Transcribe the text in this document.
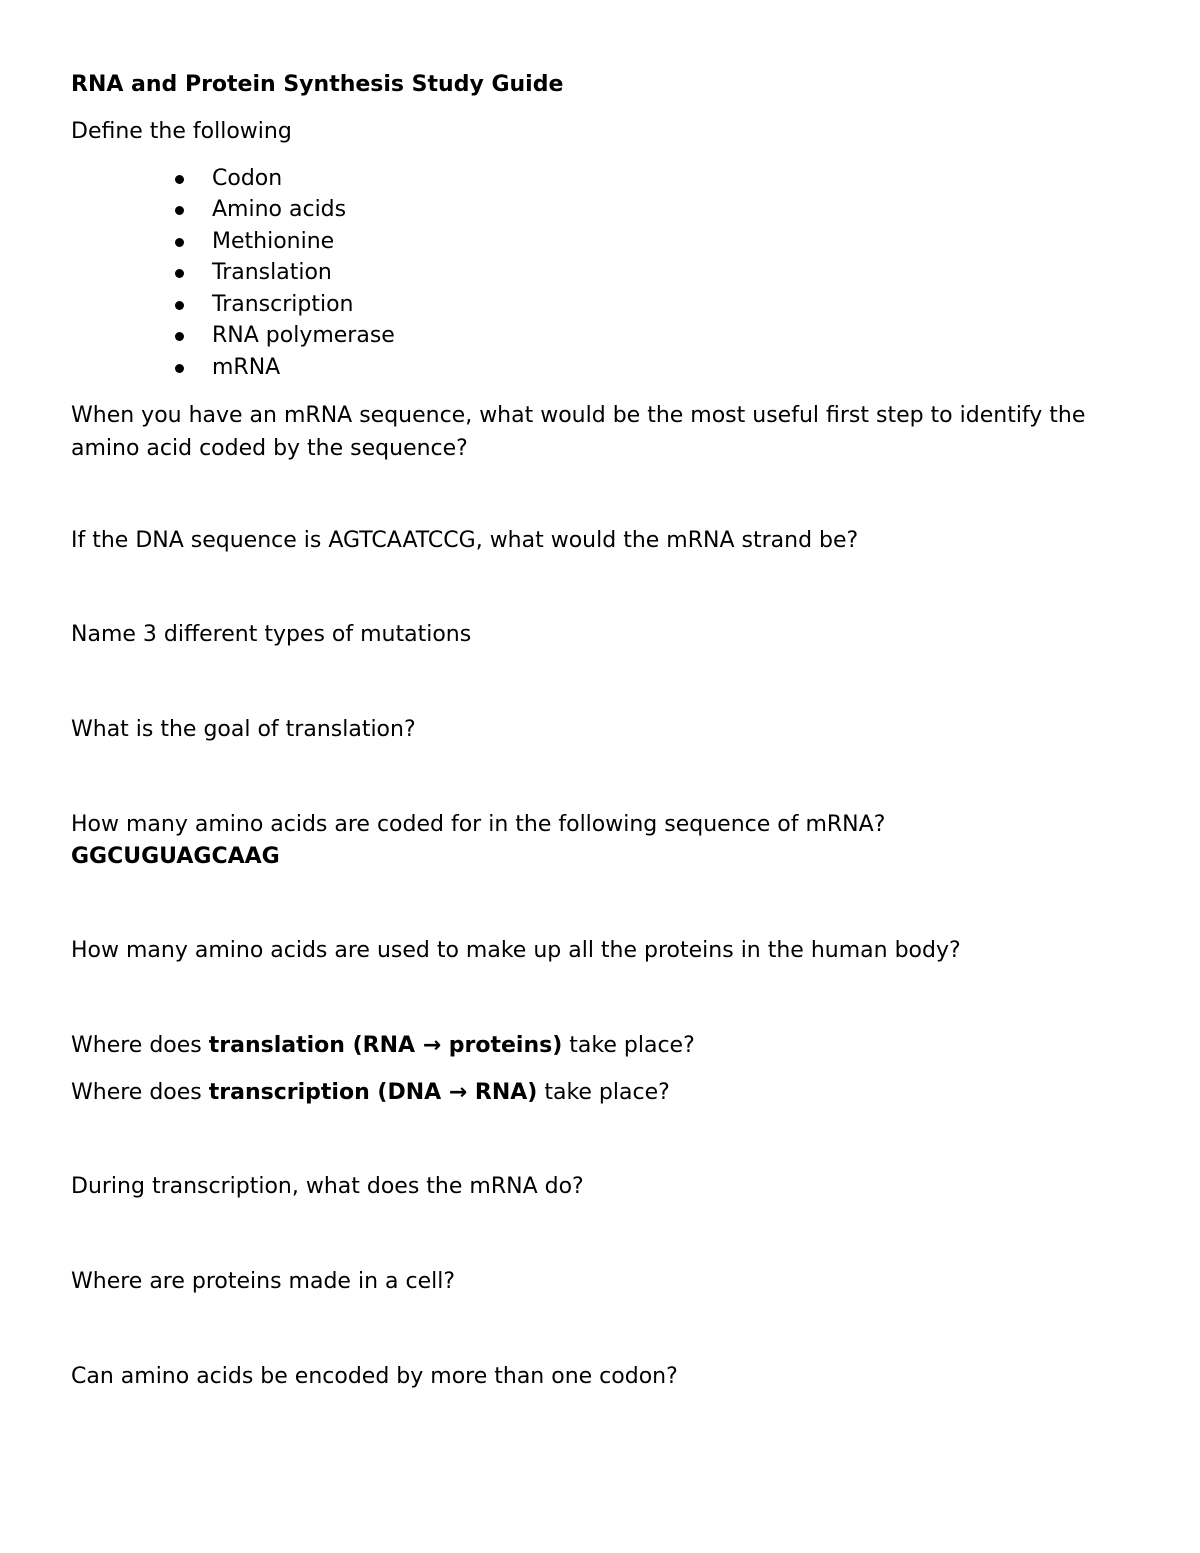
RNA and Protein Synthesis Study Guide
Define the following
Codon
Amino acids
Methionine
Translation
Transcription
RNA polymerase
mRNA
When you have an mRNA sequence, what would be the most useful first step to identify the amino acid coded by the sequence?
If the DNA sequence is AGTCAATCCG, what would the mRNA strand be?
Name 3 different types of mutations
What is the goal of translation?
How many amino acids are coded for in the following sequence of mRNA?
GGCUGUAGCAAG
How many amino acids are used to make up all the proteins in the human body?
Where does translation (RNA → proteins) take place?
Where does transcription (DNA → RNA) take place?
During transcription, what does the mRNA do?
Where are proteins made in a cell?
Can amino acids be encoded by more than one codon?
